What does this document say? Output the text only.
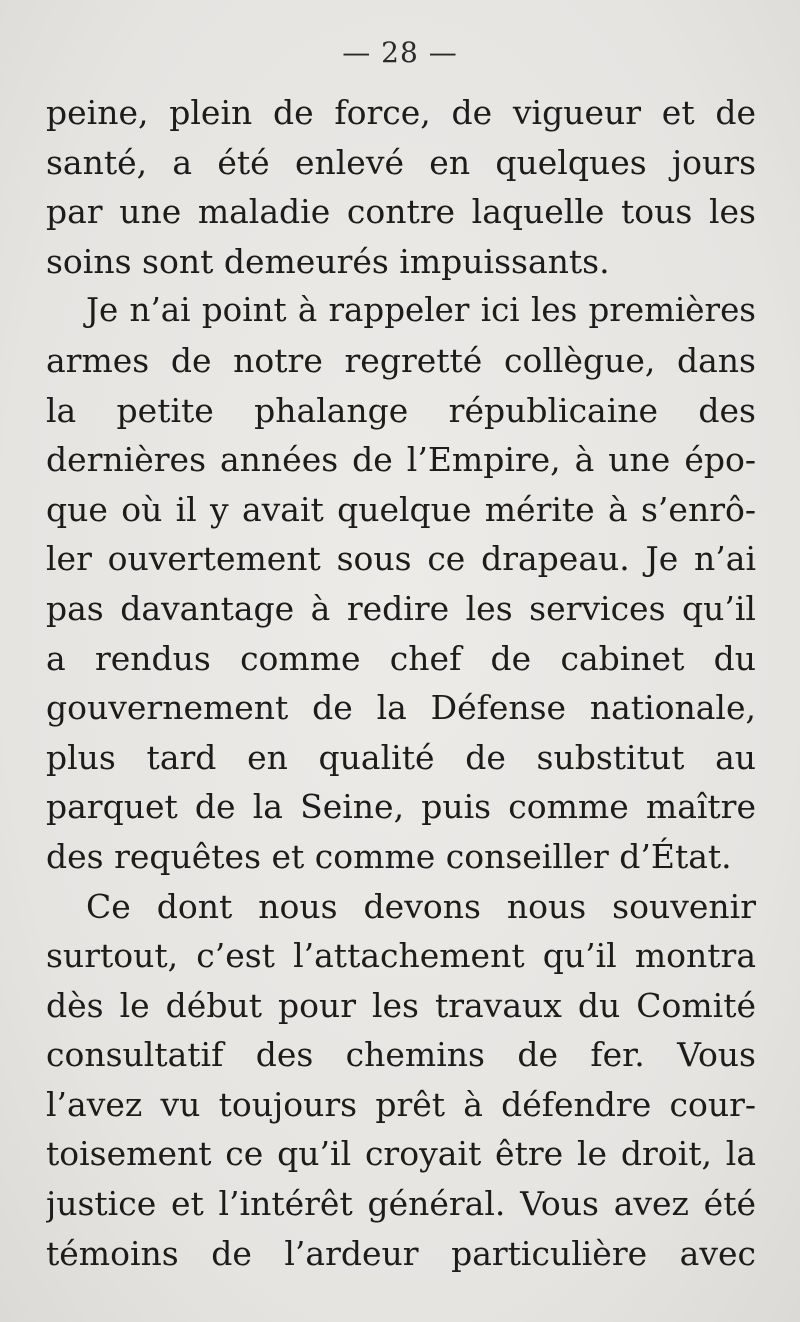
— 28 —
peine, plein de force, de vigueur et de
santé, a été enlevé en quelques jours
par une maladie contre laquelle tous les
soins sont demeurés impuissants.
Je n’ai point à rappeler ici les premières
armes de notre regretté collègue, dans
la petite phalange républicaine des
dernières années de l’Empire, à une épo-
que où il y avait quelque mérite à s’enrô-
ler ouvertement sous ce drapeau. Je n’ai
pas davantage à redire les services qu’il
a rendus comme chef de cabinet du
gouvernement de la Défense nationale,
plus tard en qualité de substitut au
parquet de la Seine, puis comme maître
des requêtes et comme conseiller d’État.
Ce dont nous devons nous souvenir
surtout, c’est l’attachement qu’il montra
dès le début pour les travaux du Comité
consultatif des chemins de fer. Vous
l’avez vu toujours prêt à défendre cour-
toisement ce qu’il croyait être le droit, la
justice et l’intérêt général. Vous avez été
témoins de l’ardeur particulière avec
